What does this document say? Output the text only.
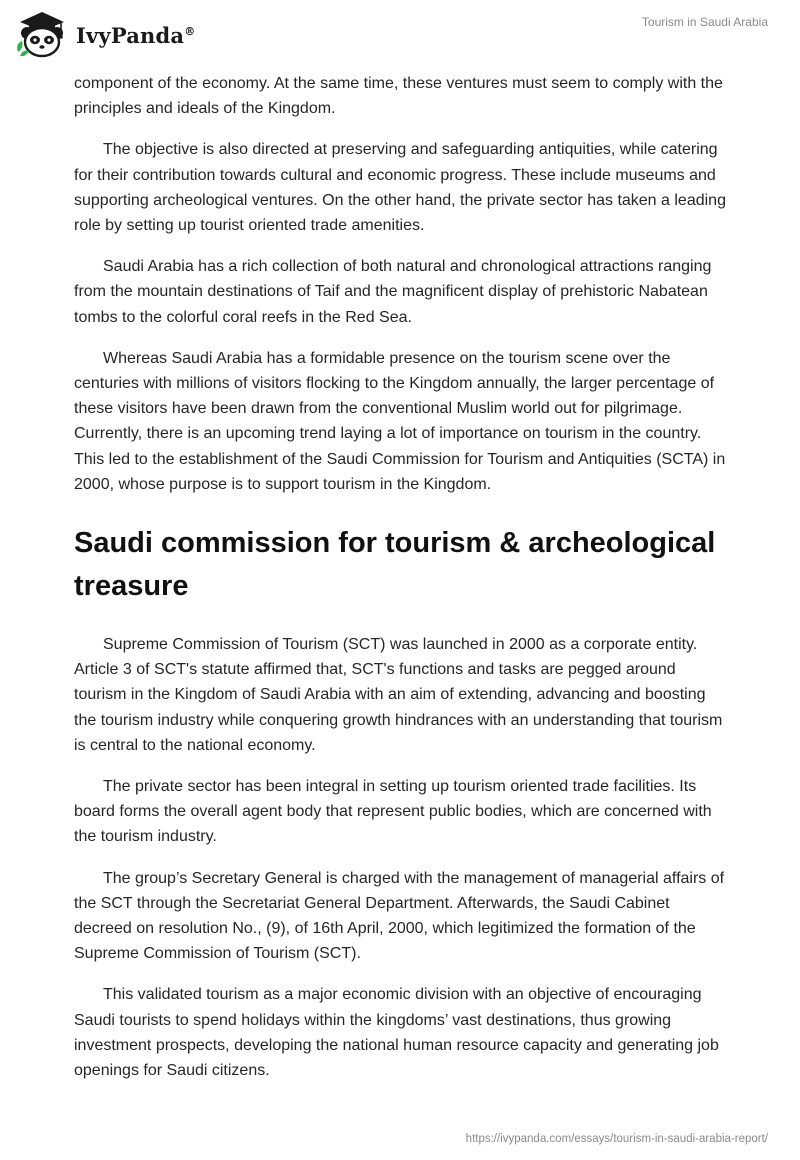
IvyPanda®
Tourism in Saudi Arabia

component of the economy. At the same time, these ventures must seem to comply with the principles and ideals of the Kingdom.

The objective is also directed at preserving and safeguarding antiquities, while catering for their contribution towards cultural and economic progress. These include museums and supporting archeological ventures. On the other hand, the private sector has taken a leading role by setting up tourist oriented trade amenities.

Saudi Arabia has a rich collection of both natural and chronological attractions ranging from the mountain destinations of Taif and the magnificent display of prehistoric Nabatean tombs to the colorful coral reefs in the Red Sea.

Whereas Saudi Arabia has a formidable presence on the tourism scene over the centuries with millions of visitors flocking to the Kingdom annually, the larger percentage of these visitors have been drawn from the conventional Muslim world out for pilgrimage. Currently, there is an upcoming trend laying a lot of importance on tourism in the country. This led to the establishment of the Saudi Commission for Tourism and Antiquities (SCTA) in 2000, whose purpose is to support tourism in the Kingdom.

Saudi commission for tourism & archeological treasure

Supreme Commission of Tourism (SCT) was launched in 2000 as a corporate entity. Article 3 of SCT's statute affirmed that, SCT's functions and tasks are pegged around tourism in the Kingdom of Saudi Arabia with an aim of extending, advancing and boosting the tourism industry while conquering growth hindrances with an understanding that tourism is central to the national economy.

The private sector has been integral in setting up tourism oriented trade facilities. Its board forms the overall agent body that represent public bodies, which are concerned with the tourism industry.

The group’s Secretary General is charged with the management of managerial affairs of the SCT through the Secretariat General Department. Afterwards, the Saudi Cabinet decreed on resolution No., (9), of 16th April, 2000, which legitimized the formation of the Supreme Commission of Tourism (SCT).

This validated tourism as a major economic division with an objective of encouraging Saudi tourists to spend holidays within the kingdoms’ vast destinations, thus growing investment prospects, developing the national human resource capacity and generating job openings for Saudi citizens.

https://ivypanda.com/essays/tourism-in-saudi-arabia-report/
